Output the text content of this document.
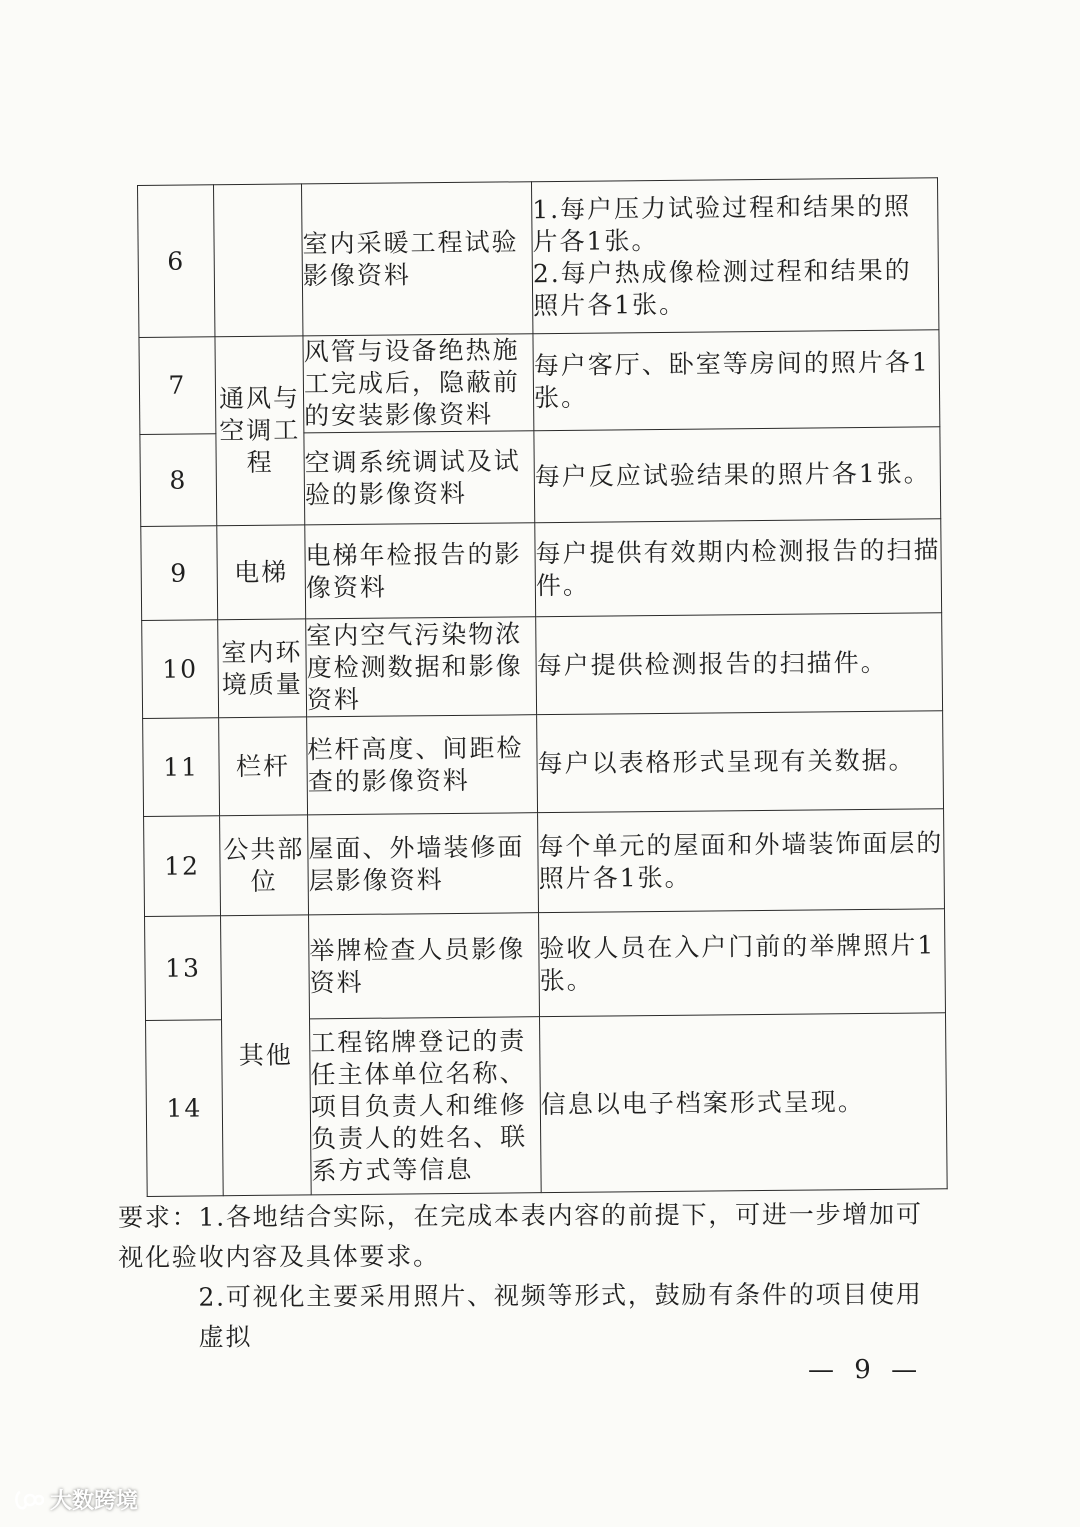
6		室内采暖工程试验影像资料	1.每户压力试验过程和结果的照片各1张。
2.每户热成像检测过程和结果的照片各1张。

7	通风与空调工程	风管与设备绝热施工完成后，隐蔽前的安装影像资料	每户客厅、卧室等房间的照片各1张。
8		空调系统调试及试验的影像资料	每户反应试验结果的照片各1张。
9	电梯	电梯年检报告的影像资料	每户提供有效期内检测报告的扫描件。
10	室内环境质量	室内空气污染物浓度检测数据和影像资料	每户提供检测报告的扫描件。
11	栏杆	栏杆高度、间距检查的影像资料	每户以表格形式呈现有关数据。
12	公共部位	屋面、外墙装修面层影像资料	每个单元的屋面和外墙装饰面层的照片各1张。
13	其他	举牌检查人员影像资料	验收人员在入户门前的举牌照片1张。
14		工程铭牌登记的责任主体单位名称、项目负责人和维修负责人的姓名、联系方式等信息	信息以电子档案形式呈现。

要求：1.各地结合实际，在完成本表内容的前提下，可进一步增加可视化验收内容及具体要求。

2.可视化主要采用照片、视频等形式，鼓励有条件的项目使用虚拟

— 9 —
大数跨境
